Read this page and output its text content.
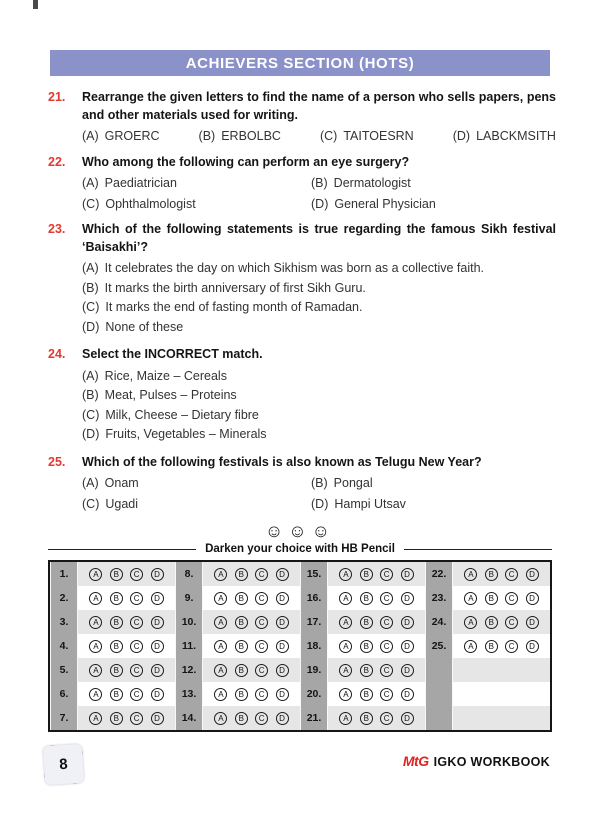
ACHIEVERS SECTION (HOTS)
21.	Rearrange the given letters to find the name of a person who sells papers, pens and other materials used for writing.
(A) GROERC	(B) ERBOLBC	(C) TAITOESRN	(D) LABCKMSITH
22.	Who among the following can perform an eye surgery?
(A) Paediatrician	(B) Dermatologist
(C) Ophthalmologist	(D) General Physician
23.	Which of the following statements is true regarding the famous Sikh festival ‘Baisakhi’?
(A) It celebrates the day on which Sikhism was born as a collective faith.
(B) It marks the birth anniversary of first Sikh Guru.
(C) It marks the end of fasting month of Ramadan.
(D) None of these
24.	Select the INCORRECT match.
(A) Rice, Maize – Cereals
(B) Meat, Pulses – Proteins
(C) Milk, Cheese – Dietary fibre
(D) Fruits, Vegetables – Minerals
25.	Which of the following festivals is also known as Telugu New Year?
(A) Onam	(B) Pongal
(C) Ugadi	(D) Hampi Utsav
☺☺☺
Darken your choice with HB Pencil
1.	A	B	C	D
2.	A	B	C	D
3.	A	B	C	D
4.	A	B	C	D
5.	A	B	C	D
6.	A	B	C	D
7.	A	B	C	D
8.	A	B	C	D
9.	A	B	C	D
10.	A	B	C	D
11.	A	B	C	D
12.	A	B	C	D
13.	A	B	C	D
14.	A	B	C	D
15.	A	B	C	D
16.	A	B	C	D
17.	A	B	C	D
18.	A	B	C	D
19.	A	B	C	D
20.	A	B	C	D
21.	A	B	C	D
22.	A	B	C	D
23.	A	B	C	D
24.	A	B	C	D
25.	A	B	C	D
8	MtG IGKO WORKBOOK
